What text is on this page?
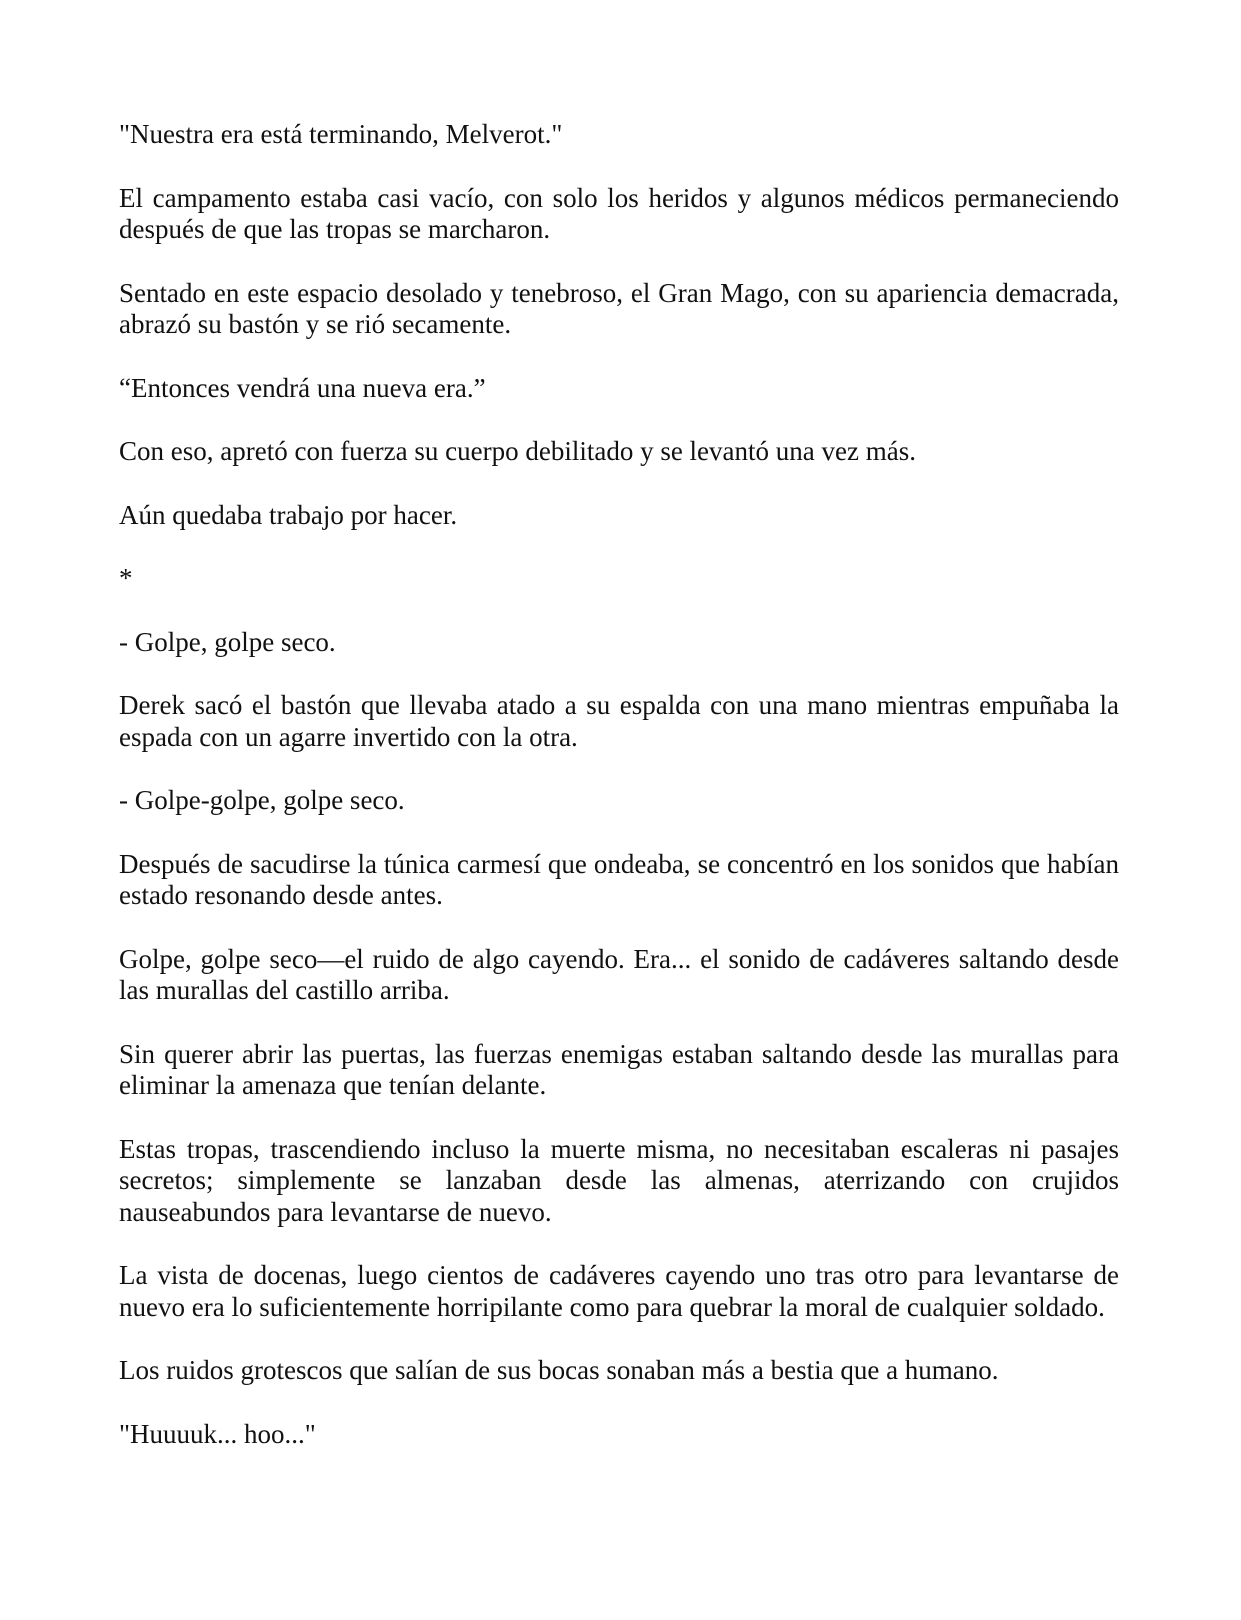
"Nuestra era está terminando, Melverot."

El campamento estaba casi vacío, con solo los heridos y algunos médicos permaneciendo después de que las tropas se marcharon.

Sentado en este espacio desolado y tenebroso, el Gran Mago, con su apariencia demacrada, abrazó su bastón y se rió secamente.

“Entonces vendrá una nueva era.”

Con eso, apretó con fuerza su cuerpo debilitado y se levantó una vez más.

Aún quedaba trabajo por hacer.

*

- Golpe, golpe seco.

Derek sacó el bastón que llevaba atado a su espalda con una mano mientras empuñaba la espada con un agarre invertido con la otra.

- Golpe-golpe, golpe seco.

Después de sacudirse la túnica carmesí que ondeaba, se concentró en los sonidos que habían estado resonando desde antes.

Golpe, golpe seco—el ruido de algo cayendo. Era... el sonido de cadáveres saltando desde las murallas del castillo arriba.

Sin querer abrir las puertas, las fuerzas enemigas estaban saltando desde las murallas para eliminar la amenaza que tenían delante.

Estas tropas, trascendiendo incluso la muerte misma, no necesitaban escaleras ni pasajes secretos; simplemente se lanzaban desde las almenas, aterrizando con crujidos nauseabundos para levantarse de nuevo.

La vista de docenas, luego cientos de cadáveres cayendo uno tras otro para levantarse de nuevo era lo suficientemente horripilante como para quebrar la moral de cualquier soldado.

Los ruidos grotescos que salían de sus bocas sonaban más a bestia que a humano.

"Huuuuk... hoo..."
